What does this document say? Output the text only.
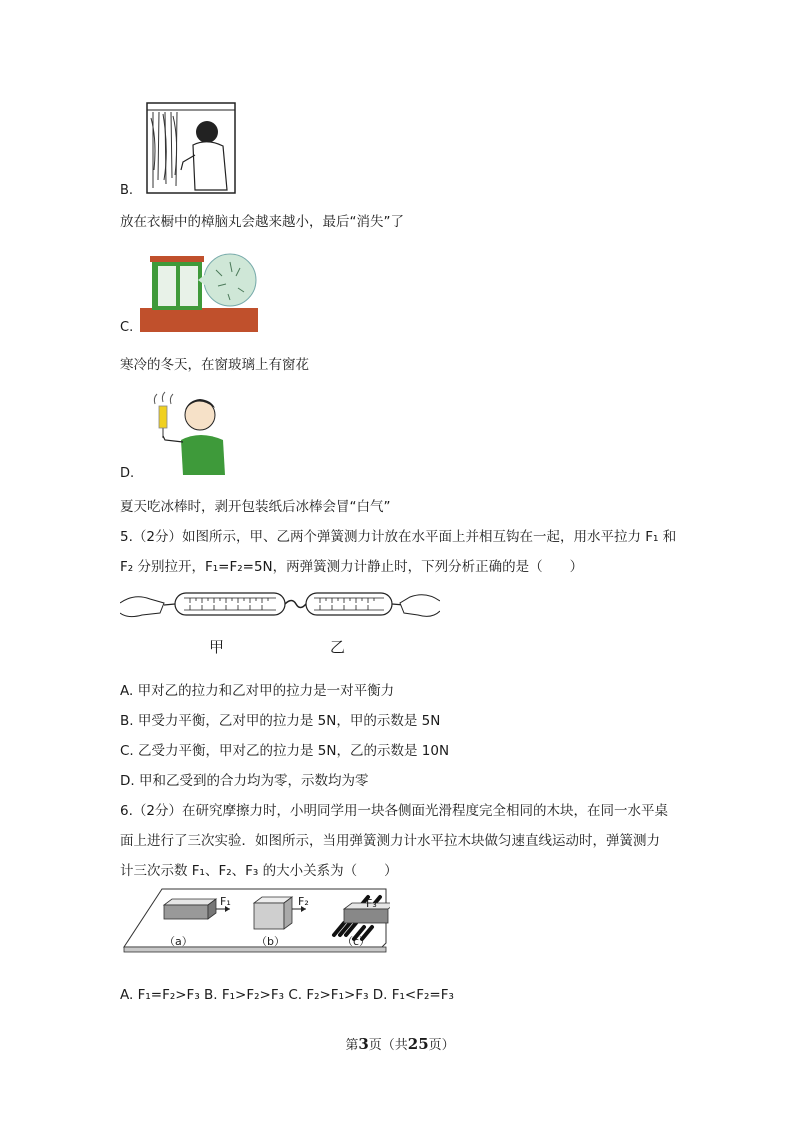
B.
放在衣橱中的樟脑丸会越来越小，最后“消失”了
C.
寒冷的冬天，在窗玻璃上有窗花
D.
夏天吃冰棒时，剥开包装纸后冰棒会冒“白气”
5.（2分）如图所示，甲、乙两个弹簧测力计放在水平面上并相互钩在一起，用水平拉力 F₁ 和
F₂ 分别拉开，F₁=F₂=5N，两弹簧测力计静止时，下列分析正确的是（　　）
甲	乙
A. 甲对乙的拉力和乙对甲的拉力是一对平衡力
B. 甲受力平衡，乙对甲的拉力是 5N，甲的示数是 5N
C. 乙受力平衡，甲对乙的拉力是 5N，乙的示数是 10N
D. 甲和乙受到的合力均为零，示数均为零
6.（2分）在研究摩擦力时，小明同学用一块各侧面光滑程度完全相同的木块，在同一水平桌
面上进行了三次实验．如图所示，当用弹簧测力计水平拉木块做匀速直线运动时，弹簧测力
计三次示数 F₁、F₂、F₃ 的大小关系为（　　）
F₁	F₂	F₃
（a）	（b）	（c）
A. F₁=F₂>F₃ B. F₁>F₂>F₃ C. F₂>F₁>F₃ D. F₁<F₂=F₃
第3页（共25页）
